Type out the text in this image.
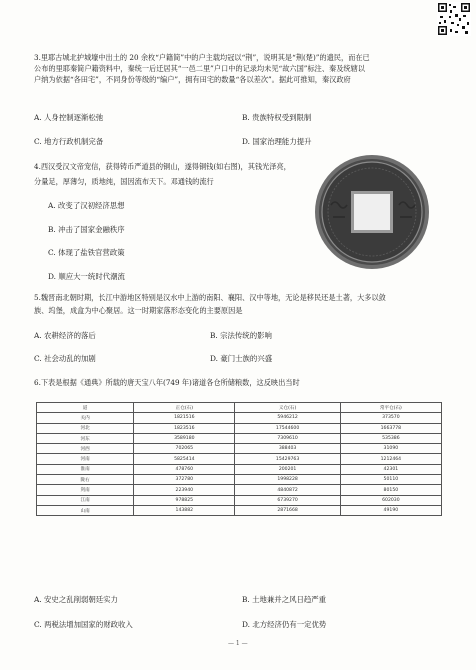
3.里耶古城北护城壕中出土的 20 余枚“户籍简”中的户主载均冠以“荆”，说明其是“荆(楚)”的遗民，而在已

公布的里耶秦简户籍资料中，秦统一后迁居其“一邑二里”户口中的记录均未见“故六国”标注、秦及统辖以

户纳为依据“各田宅”，不同身份等级的“编户”，拥有田宅的数量“各以差次”。据此可推知，秦汉政府

A. 人身控制逐渐松弛	B. 贵族特权受到限制
C. 地方行政机制完备	D. 国家治理能力提升

4.西汉受汉文帝宠信，获得铸币严道县的铜山，遂得铜钱(如右图)，其钱光泽亮，

分量足，厚薄匀，质地纯，国因流布天下。邓通钱的流行

A. 改变了汉初经济思想
B. 冲击了国家金融秩序
C. 体现了盐铁官营政策
D. 顺应大一统时代潮流

5.魏晋南北朝时期，长江中游地区特别是汉水中上游的南阳、襄阳、汉中等地，无论是移民还是土著，大多以敛

族、坞堡，成盒为中心聚居。这一时期家落形态变化的主要原因是

A. 农耕经济的落后	B. 宗法传统的影响
C. 社会动乱的加剧	D. 豪门士族的兴盛

6.下表是根据《通典》所载的唐天宝八年(749 年)诸道各仓所储粮数，这反映出当时

道	正仓(石)	义仓(石)	常平仓(石)
关内	1821516	5946212	373570
河北	1823516	17544600	1663778
河东	3589180	7309610	535386
河西	702065	388403	31090
河南	5825414	15429763	1212464
淮南	478760	200201	42301
陇右	372780	1998228	50110
剑南	223940	4840872	80150
江南	978825	6739270	602030
山南	143882	2871668	49190
A. 安史之乱削弱朝廷实力	B. 土地兼并之风日趋严重
C. 两税法增加国家的财政收入	D. 北方经济仍有一定优势
— 1 —
